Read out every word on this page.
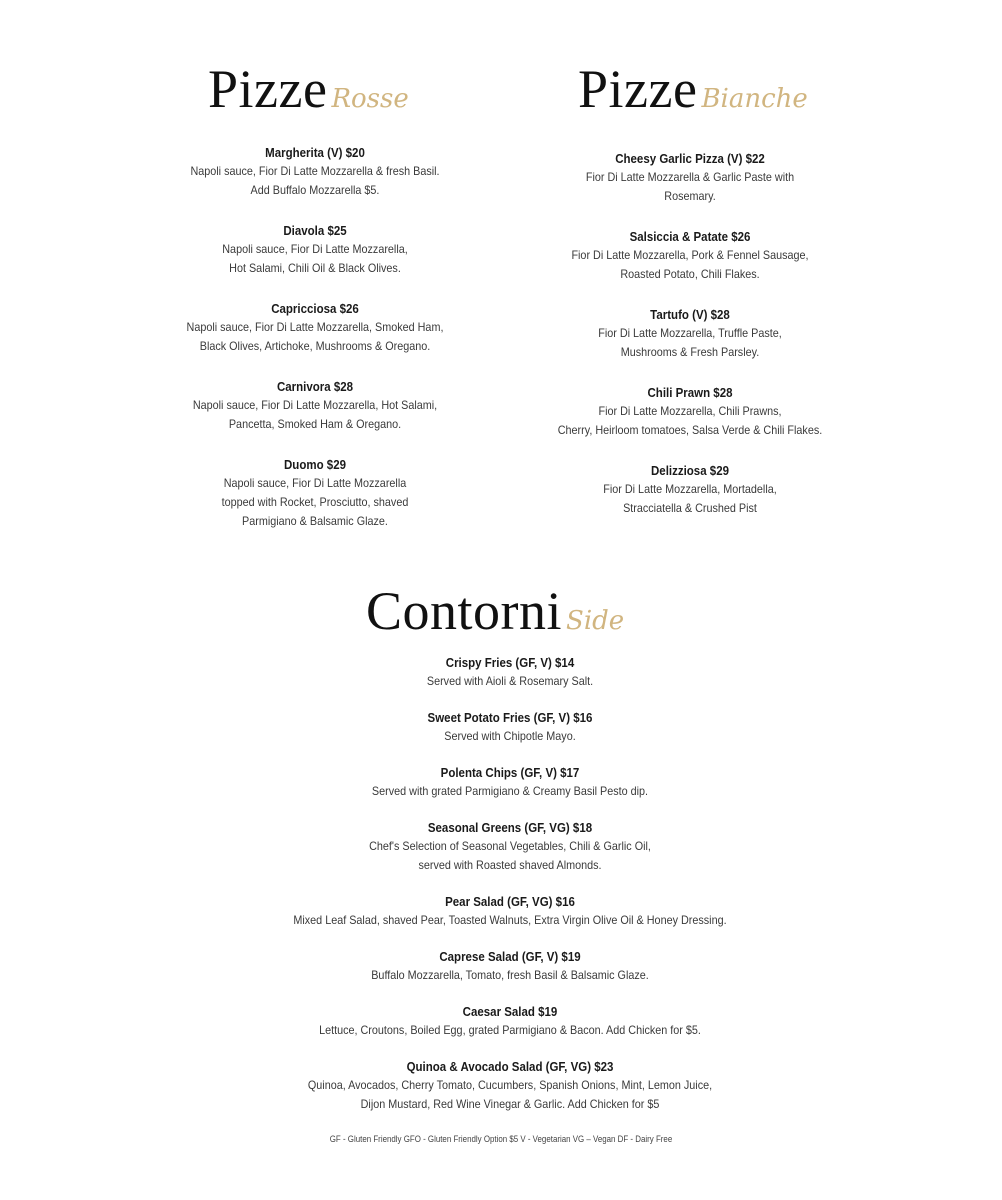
Pizze Rosse
Margherita (V) $20
Napoli sauce, Fior Di Latte Mozzarella & fresh Basil.
Add Buffalo Mozzarella $5.
Diavola $25
Napoli sauce, Fior Di Latte Mozzarella,
Hot Salami, Chili Oil & Black Olives.
Capricciosa $26
Napoli sauce, Fior Di Latte Mozzarella, Smoked Ham,
Black Olives, Artichoke, Mushrooms & Oregano.
Carnivora $28
Napoli sauce, Fior Di Latte Mozzarella, Hot Salami,
Pancetta, Smoked Ham & Oregano.
Duomo $29
Napoli sauce, Fior Di Latte Mozzarella
topped with Rocket, Prosciutto, shaved
Parmigiano & Balsamic Glaze.
Pizze Bianche
Cheesy Garlic Pizza (V) $22
Fior Di Latte Mozzarella & Garlic Paste with
Rosemary.
Salsiccia & Patate $26
Fior Di Latte Mozzarella, Pork & Fennel Sausage,
Roasted Potato, Chili Flakes.
Tartufo (V) $28
Fior Di Latte Mozzarella, Truffle Paste,
Mushrooms & Fresh Parsley.
Chili Prawn $28
Fior Di Latte Mozzarella, Chili Prawns,
Cherry, Heirloom tomatoes, Salsa Verde & Chili Flakes.
Delizziosa $29
Fior Di Latte Mozzarella, Mortadella,
Stracciatella & Crushed Pist
Contorni Side
Crispy Fries (GF, V) $14
Served with Aioli & Rosemary Salt.
Sweet Potato Fries (GF, V) $16
Served with Chipotle Mayo.
Polenta Chips (GF, V) $17
Served with grated Parmigiano & Creamy Basil Pesto dip.
Seasonal Greens (GF, VG) $18
Chef's Selection of Seasonal Vegetables, Chili & Garlic Oil,
served with Roasted shaved Almonds.
Pear Salad (GF, VG) $16
Mixed Leaf Salad, shaved Pear, Toasted Walnuts, Extra Virgin Olive Oil & Honey Dressing.
Caprese Salad (GF, V) $19
Buffalo Mozzarella, Tomato, fresh Basil & Balsamic Glaze.
Caesar Salad $19
Lettuce, Croutons, Boiled Egg, grated Parmigiano & Bacon. Add Chicken for $5.
Quinoa & Avocado Salad (GF, VG) $23
Quinoa, Avocados, Cherry Tomato, Cucumbers, Spanish Onions, Mint, Lemon Juice,
Dijon Mustard, Red Wine Vinegar & Garlic. Add Chicken for $5
GF - Gluten Friendly GFO - Gluten Friendly Option $5 V - Vegetarian VG – Vegan DF - Dairy Free
